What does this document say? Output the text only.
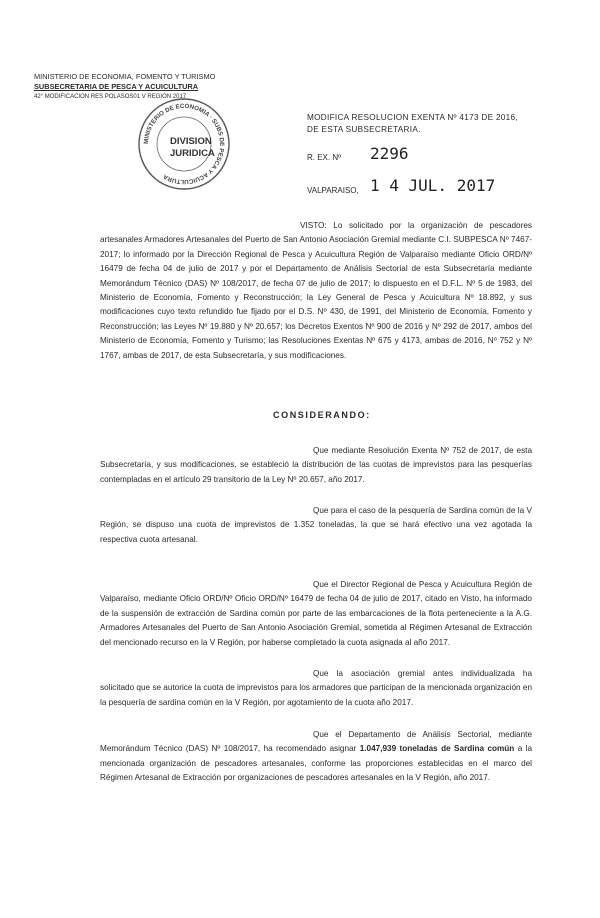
MINISTERIO DE ECONOMIA, FOMENTO Y TURISMO
SUBSECRETARIA DE PESCA Y ACUICULTURA
42° MODIFICACION RES POLASOS01 V REGION 2017
MINISTERIO DE ECONOMIA · SUBS DE PESCA Y ACUICULTURA
DIVISION
JURIDICA
MODIFICA RESOLUCION EXENTA Nº 4173 DE 2016,
DE ESTA SUBSECRETARIA.
R. EX. Nº 2296
VALPARAISO, 1 4 JUL. 2017
VISTO: Lo solicitado por la organización de pescadores artesanales Armadores Artesanales del Puerto de San Antonio Asociación Gremial mediante C.I. SUBPESCA Nº 7467-2017; lo informado por la Dirección Regional de Pesca y Acuicultura Región de Valparaíso mediante Oficio ORD/Nº 16479 de fecha 04 de julio de 2017 y por el Departamento de Análisis Sectorial de esta Subsecretaría mediante Memorándum Técnico (DAS) Nº 108/2017, de fecha 07 de julio de 2017; lo dispuesto en el D.F.L. Nº 5 de 1983, del Ministerio de Economía, Fomento y Reconstrucción; la Ley General de Pesca y Acuicultura Nº 18.892, y sus modificaciones cuyo texto refundido fue fijado por el D.S. Nº 430, de 1991, del Ministerio de Economía, Fomento y Reconstrucción; las Leyes Nº 19.880 y Nº 20.657; los Decretos Exentos Nº 900 de 2016 y Nº 292 de 2017, ambos del Ministerio de Economía, Fomento y Turismo; las Resoluciones Exentas Nº 675 y 4173, ambas de 2016, Nº 752 y Nº 1767, ambas de 2017, de esta Subsecretaría, y sus modificaciones.
CONSIDERANDO:
Que mediante Resolución Exenta Nº 752 de 2017, de esta Subsecretaría, y sus modificaciones, se estableció la distribución de las cuotas de imprevistos para las pesquerías contempladas en el artículo 29 transitorio de la Ley Nº 20.657, año 2017.
Que para el caso de la pesquería de Sardina común de la V Región, se dispuso una cuota de imprevistos de 1.352 toneladas, la que se hará efectivo una vez agotada la respectiva cuota artesanal.
Que el Director Regional de Pesca y Acuicultura Región de Valparaíso, mediante Oficio ORD/Nº Oficio ORD/Nº 16479 de fecha 04 de julio de 2017, citado en Visto, ha informado de la suspensión de extracción de Sardina común por parte de las embarcaciones de la flota perteneciente a la A.G. Armadores Artesanales del Puerto de San Antonio Asociación Gremial, sometida al Régimen Artesanal de Extracción del mencionado recurso en la V Región, por haberse completado la cuota asignada al año 2017.
Que la asociación gremial antes individualizada ha solicitado que se autorice la cuota de imprevistos para los armadores que participan de la mencionada organización en la pesquería de sardina común en la V Región, por agotamiento de la cuota año 2017.
Que el Departamento de Análisis Sectorial, mediante Memorándum Técnico (DAS) Nº 108/2017, ha recomendado asignar 1.047,939 toneladas de Sardina común a la mencionada organización de pescadores artesanales, conforme las proporciones establecidas en el marco del Régimen Artesanal de Extracción por organizaciones de pescadores artesanales en la V Región, año 2017.
